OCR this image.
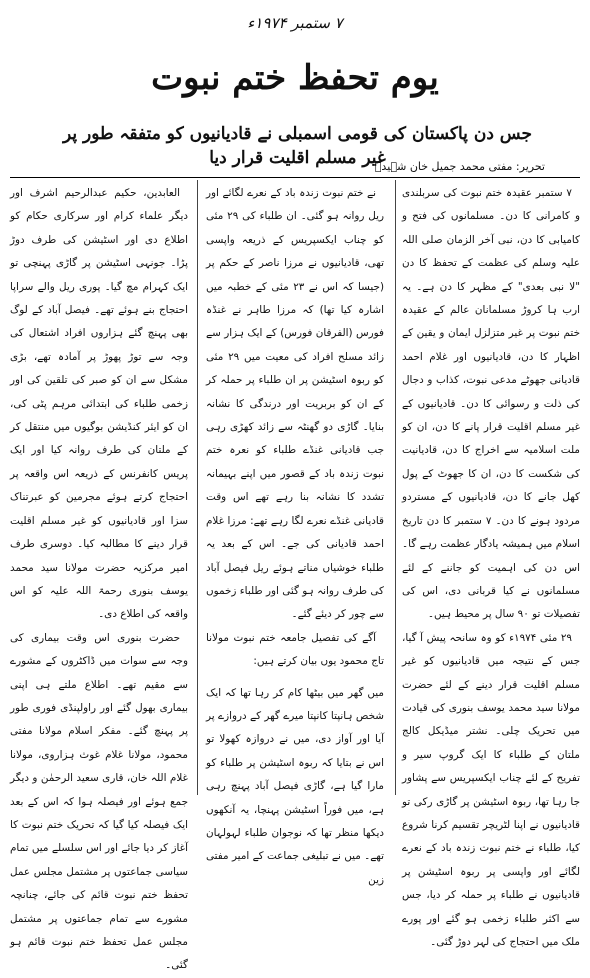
۷ ستمبر ۱۹۷۴ء
یوم تحفظ ختم نبوت
جس دن پاکستان کی قومی اسمبلی نے قادیانیوں کو متفقہ طور پر غیر مسلم اقلیت قرار دیا
تحریر: مفتی محمد جمیل خان شہیدؒ

۷ ستمبر عقیدہ ختم نبوت کی سربلندی و کامرانی کا دن۔ مسلمانوں کی فتح و کامیابی کا دن، نبی آخر الزمان صلی اللہ علیہ وسلم کی عظمت کے تحفظ کا دن "لا نبی بعدی" کے مظہر کا دن ہے۔ یہ ارب ہا کروڑ مسلمانان عالم کے عقیدہ ختم نبوت پر غیر متزلزل ایمان و یقین کے اظہار کا دن، قادیانیوں اور غلام احمد قادیانی جھوٹے مدعی نبوت، کذاب و دجال کی ذلت و رسوائی کا دن۔ قادیانیوں کے غیر مسلم اقلیت قرار پانے کا دن، ان کو ملت اسلامیہ سے اخراج کا دن، قادیانیت کی شکست کا دن، ان کا جھوٹ کے پول کھل جانے کا دن، قادیانیوں کے مستردو مردود ہونے کا دن۔ ۷ ستمبر کا دن تاریخ اسلام میں ہمیشہ یادگار عظمت رہے گا۔ اس دن کی اہمیت کو جاننے کے لئے مسلمانوں نے کیا قربانی دی، اس کی تفصیلات تو ۹۰ سال پر محیط ہیں۔

۲۹ مئی ۱۹۷۴ء کو وہ سانحہ پیش آ گیا، جس کے نتیجہ میں قادیانیوں کو غیر مسلم اقلیت قرار دینے کے لئے حضرت مولانا سید محمد یوسف بنوری کی قیادت میں تحریک چلی۔ نشتر میڈیکل کالج ملتان کے طلباء کا ایک گروپ سیر و تفریح کے لئے چناب ایکسپریس سے پشاور جا رہا تھا، ربوہ اسٹیشن پر گاڑی رکی تو قادیانیوں نے اپنا لٹریچر تقسیم کرنا شروع کیا، طلباء نے ختم نبوت زندہ باد کے نعرے لگائے اور واپسی پر ربوہ اسٹیشن پر قادیانیوں نے طلباء پر حملہ کر دیا، جس سے اکثر طلباء زخمی ہو گئے اور پورے ملک میں احتجاج کی لہر دوڑ گئی۔

نے ختم نبوت زندہ باد کے نعرے لگائے اور ریل روانہ ہو گئی۔ ان طلباء کی ۲۹ مئی کو چناب ایکسپریس کے ذریعہ واپسی تھی، قادیانیوں نے مرزا ناصر کے حکم پر (جیسا کہ اس نے ۲۳ مئی کے خطبہ میں اشارہ کیا تھا) کہ مرزا طاہر نے غنڈہ فورس (الفرقان فورس) کے ایک ہزار سے زائد مسلح افراد کی معیت میں ۲۹ مئی کو ربوہ اسٹیشن پر ان طلباء پر حملہ کر کے ان کو بربریت اور درندگی کا نشانہ بنایا۔ گاڑی دو گھنٹہ سے زائد کھڑی رہی جب قادیانی غنڈے طلباء کو نعرہ ختم نبوت زندہ باد کے قصور میں اپنے بہیمانہ تشدد کا نشانہ بنا رہے تھے اس وقت قادیانی غنڈے نعرے لگا رہے تھے: مرزا غلام احمد قادیانی کی جے۔ اس کے بعد یہ طلباء خوشیاں مناتے ہوئے ریل فیصل آباد کی طرف روانہ ہو گئی اور طلباء زخموں سے چور کر دیئے گئے۔

آگے کی تفصیل جامعہ ختم نبوت مولانا تاج محمود یوں بیان کرتے ہیں:

میں گھر میں بیٹھا کام کر رہا تھا کہ ایک شخص ہانپتا کانپتا میرے گھر کے دروازے پر آیا اور آواز دی، میں نے دروازہ کھولا تو اس نے بتایا کہ ربوہ اسٹیشن پر طلباء کو مارا گیا ہے، گاڑی فیصل آباد پہنچ رہی ہے، میں فوراً اسٹیشن پہنچا، یہ آنکھوں دیکھا منظر تھا کہ نوجوان طلباء لہولہان تھے۔ میں نے تبلیغی جماعت کے امیر مفتی زین

العابدین، حکیم عبدالرحیم اشرف اور دیگر علماء کرام اور سرکاری حکام کو اطلاع دی اور اسٹیشن کی طرف دوڑ پڑا۔ جونہی اسٹیشن پر گاڑی پہنچی تو ایک کہرام مچ گیا۔ پوری ریل والے سراپا احتجاج بنے ہوئے تھے۔ فیصل آباد کے لوگ بھی پہنچ گئے ہزاروں افراد اشتعال کی وجہ سے توڑ پھوڑ پر آمادہ تھے، بڑی مشکل سے ان کو صبر کی تلقین کی اور زخمی طلباء کی ابتدائی مرہم پٹی کی، ان کو ایئر کنڈیشن بوگیوں میں منتقل کر کے ملتان کی طرف روانہ کیا اور ایک پریس کانفرنس کے ذریعہ اس واقعہ پر احتجاج کرتے ہوئے مجرمین کو عبرتناک سزا اور قادیانیوں کو غیر مسلم اقلیت قرار دینے کا مطالبہ کیا۔ دوسری طرف امیر مرکزیہ حضرت مولانا سید محمد یوسف بنوری رحمۃ اللہ علیہ کو اس واقعہ کی اطلاع دی۔

حضرت بنوری اس وقت بیماری کی وجہ سے سوات میں ڈاکٹروں کے مشورے سے مقیم تھے۔ اطلاع ملتے ہی اپنی بیماری بھول گئے اور راولپنڈی فوری طور پر پہنچ گئے۔ مفکر اسلام مولانا مفتی محمود، مولانا غلام غوث ہزاروی، مولانا غلام اللہ خان، قاری سعید الرحمٰن و دیگر جمع ہوئے اور فیصلہ ہوا کہ اس کے بعد ایک فیصلہ کیا گیا کہ تحریک ختم نبوت کا آغاز کر دیا جائے اور اس سلسلے میں تمام سیاسی جماعتوں پر مشتمل مجلس عمل تحفظ ختم نبوت قائم کی جائے، چنانچہ مشورے سے تمام جماعتوں پر مشتمل مجلس عمل تحفظ ختم نبوت قائم ہو گئی۔
